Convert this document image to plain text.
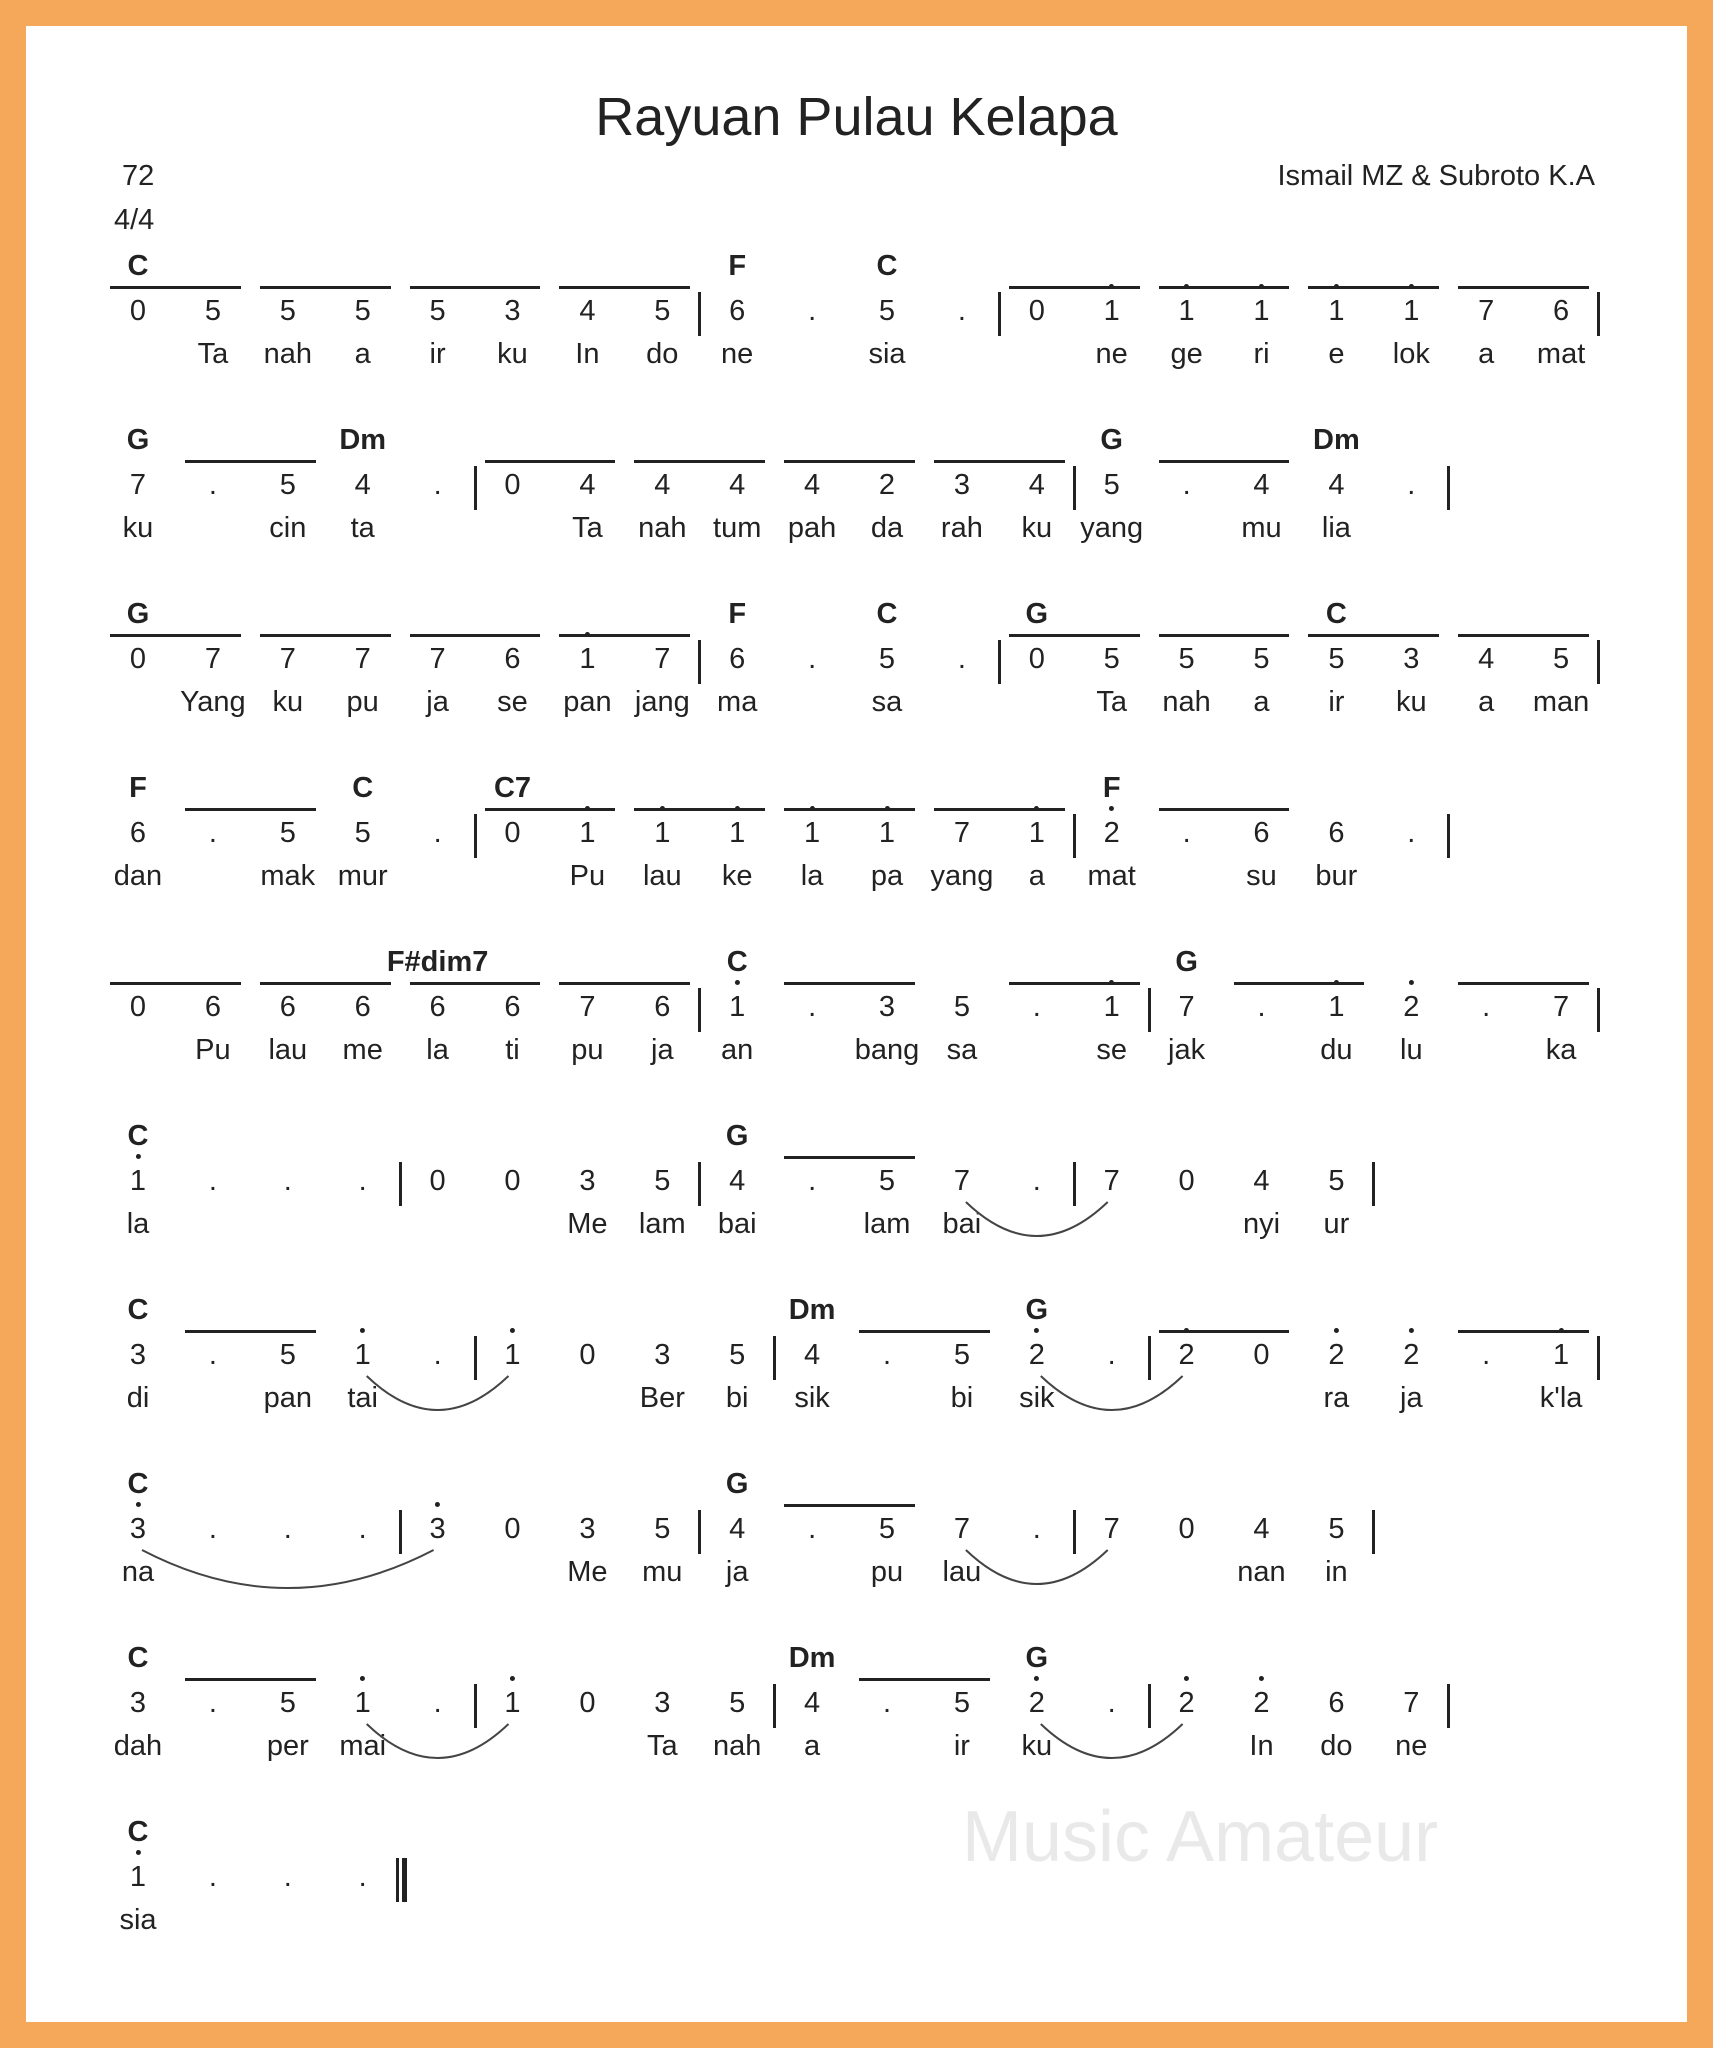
Rayuan Pulau Kelapa
72
4/4
Ismail MZ & Subroto K.A
C	F	C
0 5 5 5 5 3 4 5 6 . 5 . 0 1 1 1 1 1 7 6
Ta nah a ir ku In do ne	sia	ne ge ri e lok a mat
G	Dm	G	Dm
7 . 5 4 . 0 4 4 4 4 2 3 4 5 . 4 4 .
ku	cin ta	Ta nah tum pah da rah ku yang	mu lia
G	F	C	G	C
0 7 7 7 7 6 1 7 6 . 5 . 0 5 5 5 5 3 4 5
Yang ku pu ja se pan jang ma	sa	Ta nah a ir ku a man
F	C	C7	F
6 . 5 5 . 0 1 1 1 1 1 7 1 2 . 6 6 .
dan	mak mur	Pu lau ke la pa yang a mat	su bur
F#dim7	C	G
0 6 6 6 6 6 7 6 1 . 3 5 . 1 7 . 1 2 . 7
Pu lau me la ti pu ja an	bang sa	se jak	du lu	ka
C	G
1 . . . 0 0 3 5 4 . 5 7 . 7 0 4 5
la	Me lam bai	lam bai	nyi ur
C	Dm	G
3 . 5 1 . 1 0 3 5 4 . 5 2 . 2 0 2 2 . 1
di	pan tai	Ber bi sik	bi sik	ra ja	k'la
C	G
3 . . . 3 0 3 5 4 . 5 7 . 7 0 4 5
na	Me mu ja	pu lau	nan in
C	Dm	G
3 . 5 1 . 1 0 3 5 4 . 5 2 . 2 2 6 7
dah	per mai	Ta nah a	ir ku	In do ne
C
1 . . .
sia
Music Amateur
